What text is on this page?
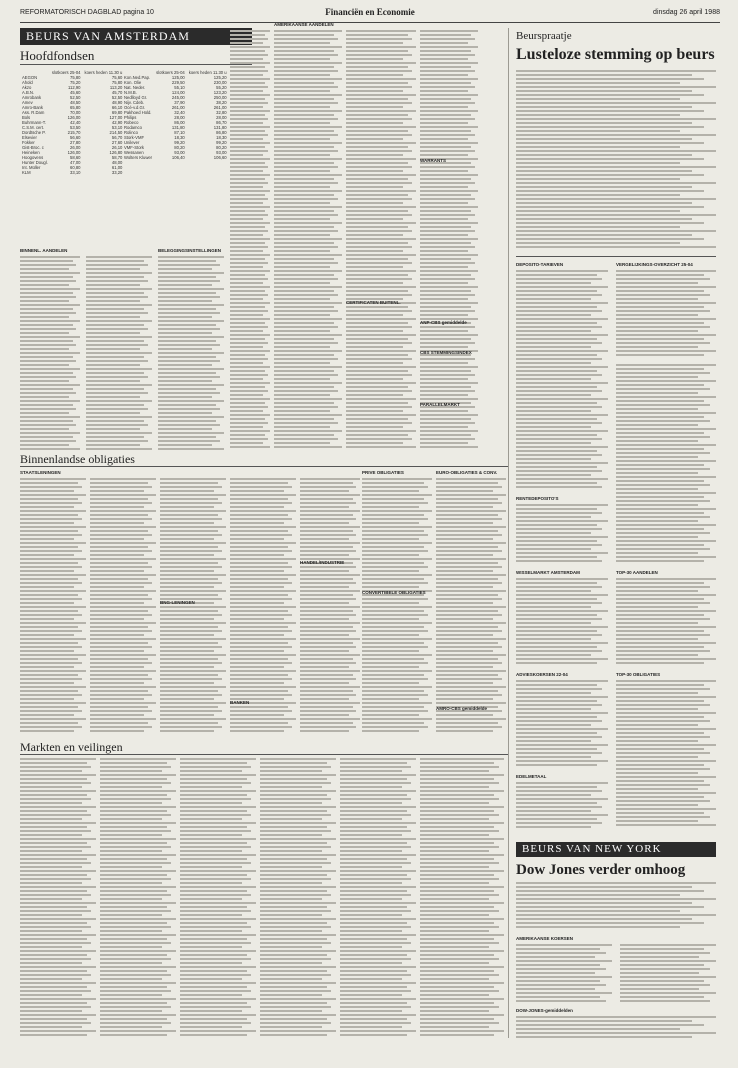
REFORMATORISCH DAGBLAD pagina 10	Financiën en Economie	dinsdag 26 april 1988
BEURS VAN AMSTERDAM
Hoofdfondsen
BINNENL. AANDELEN	BELEGGINGSINSTELLINGEN
AMERIKAANSE AANDELEN
CERTIFICATEN BUITENL.
WARRANTS
ANP-CBS gemiddelde
CBS STEMMINGSINDEX
PARALLELMARKT
Binnenlandse obligaties
STAATSLENINGEN
BNG-LENINGEN
BANKEN
HANDEL/INDUSTRIE
PRIVE OBLIGATIES
CONVERTIBELE OBLIGATIES
EURO-OBLIGATIES & CONV.
AMRO-CBS gemiddelde
Markten en veilingen
Beurspraatje
Lusteloze stemming op beurs
DEPOSITO-TARIEVEN	VERGELIJKINGS-OVERZICHT 25-04
RENTEDEPOSITO'S
WISSELMARKT AMSTERDAM
ADVIESKOERSEN 22-04
EDELMETAAL
TOP-30 AANDELEN
TOP-30 OBLIGATIES
BEURS VAN NEW YORK
Dow Jones verder omhoog
AMERIKAANSE KOERSEN
DOW-JONES-gemiddelden
	slotkoers 25-04	koers heden 11.30 u
AEGON	75,80	75,60
Ahold	75,20	75,80
Akzo	112,90	113,20
A.B.N.	45,60	45,70
Amrobank	52,50	52,50
Amev	48,50	48,90
Amro-Bank	65,80	66,10
Ass. R.Dam	70,00	69,80
Bols	126,00	127,00
Buhrmann-T.	42,40	42,90
C.S.M. cert.	53,50	53,10
Dordtsche P.	215,70	214,50
Elsevier	56,60	56,70
Fokker	27,80	27,60
Gist-Broc. c	26,00	26,10
Heineken	126,00	126,80
Hoogovens	58,60	58,70
Hunter Dougl.	47,00	48,00
Int. Müller	60,80	61,00
KLM	33,10	33,20
	slotkoers 25-04	koers heden 11.30 u
Kon.Ned.Pap.	125,00	125,20
Kon. Olie	229,50	230,00
Nat. Neder.	55,10	55,20
N.M.B.	124,00	123,20
Nedlloyd Gr.	245,00	250,00
Nijv. Cdeb.	37,90	38,20
Océ-v.d.Gr.	261,00	261,00
Pakhoed Hold.	32,40	32,80
Philips	28,00	28,00
Robeco	86,00	86,70
Rodamco	131,80	131,80
Rolinco	87,10	86,80
Stork-VMF	18,30	18,30
Unilever	99,20	99,20
VMF-Stork	80,20	80,20
Wessanen	93,00	93,00
Wolters Kluwer	106,40	106,60
